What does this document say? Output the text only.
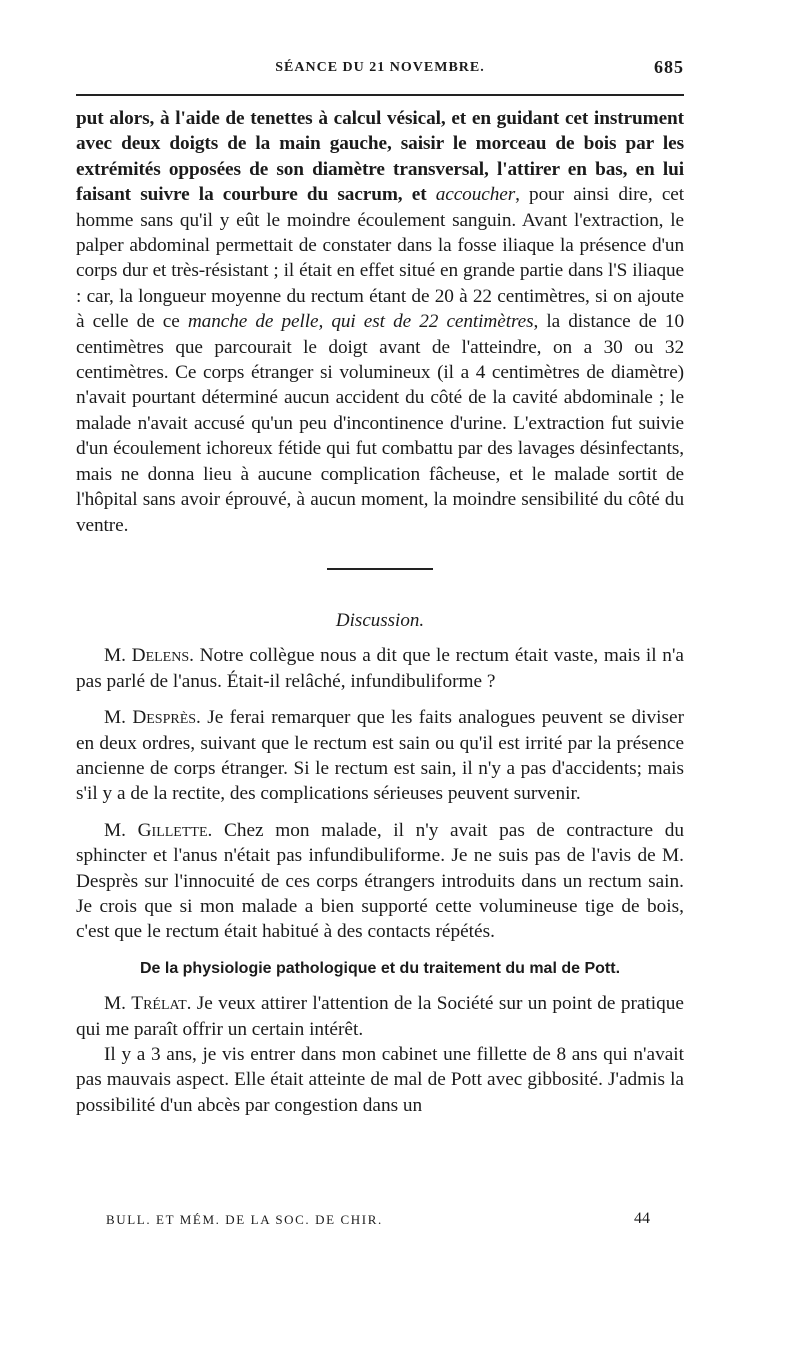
SÉANCE DU 21 NOVEMBRE.	685

put alors, à l'aide de tenettes à calcul vésical, et en guidant cet instrument avec deux doigts de la main gauche, saisir le morceau de bois par les extrémités opposées de son diamètre transversal, l'attirer en bas, en lui faisant suivre la courbure du sacrum, et accoucher, pour ainsi dire, cet homme sans qu'il y eût le moindre écoulement sanguin. Avant l'extraction, le palper abdominal permettait de constater dans la fosse iliaque la présence d'un corps dur et très-résistant ; il était en effet situé en grande partie dans l'S iliaque : car, la longueur moyenne du rectum étant de 20 à 22 centimètres, si on ajoute à celle de ce manche de pelle, qui est de 22 centimètres, la distance de 10 centimètres que parcourait le doigt avant de l'atteindre, on a 30 ou 32 centimètres. Ce corps étranger si volumineux (il a 4 centimètres de diamètre) n'avait pourtant déterminé aucun accident du côté de la cavité abdominale ; le malade n'avait accusé qu'un peu d'incontinence d'urine. L'extraction fut suivie d'un écoulement ichoreux fétide qui fut combattu par des lavages désinfectants, mais ne donna lieu à aucune complication fâcheuse, et le malade sortit de l'hôpital sans avoir éprouvé, à aucun moment, la moindre sensibilité du côté du ventre.

Discussion.

M. Delens. Notre collègue nous a dit que le rectum était vaste, mais il n'a pas parlé de l'anus. Était-il relâché, infundibuliforme ?

M. Desprès. Je ferai remarquer que les faits analogues peuvent se diviser en deux ordres, suivant que le rectum est sain ou qu'il est irrité par la présence ancienne de corps étranger. Si le rectum est sain, il n'y a pas d'accidents; mais s'il y a de la rectite, des complications sérieuses peuvent survenir.

M. Gillette. Chez mon malade, il n'y avait pas de contracture du sphincter et l'anus n'était pas infundibuliforme. Je ne suis pas de l'avis de M. Desprès sur l'innocuité de ces corps étrangers introduits dans un rectum sain. Je crois que si mon malade a bien supporté cette volumineuse tige de bois, c'est que le rectum était habitué à des contacts répétés.

De la physiologie pathologique et du traitement du mal de Pott.

M. Trélat. Je veux attirer l'attention de la Société sur un point de pratique qui me paraît offrir un certain intérêt.

Il y a 3 ans, je vis entrer dans mon cabinet une fillette de 8 ans qui n'avait pas mauvais aspect. Elle était atteinte de mal de Pott avec gibbosité. J'admis la possibilité d'un abcès par congestion dans un

BULL. ET MÉM. DE LA SOC. DE CHIR.	44
